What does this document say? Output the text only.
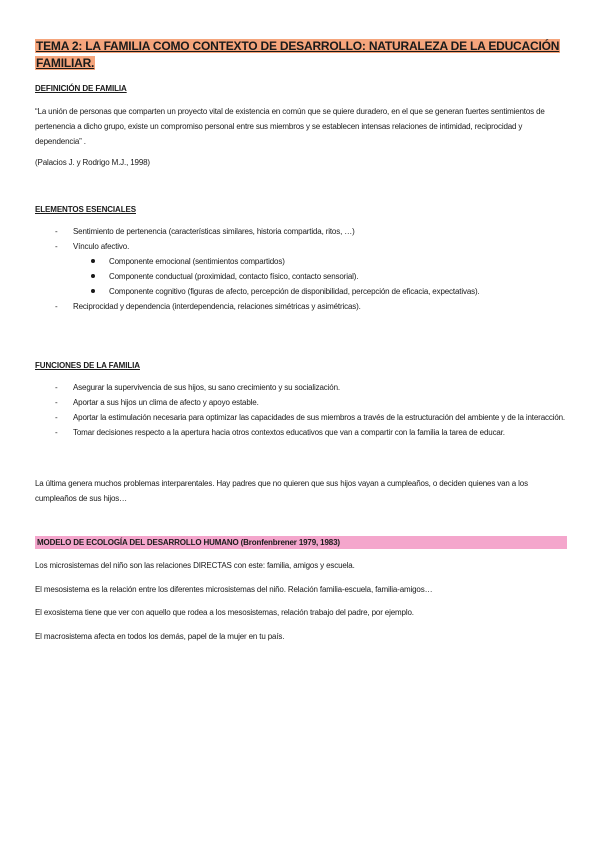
TEMA 2: LA FAMILIA COMO CONTEXTO DE DESARROLLO: NATURALEZA DE LA EDUCACIÓN FAMILIAR.
DEFINICIÓN DE FAMILIA
“La unión de personas que comparten un proyecto vital de existencia en común que se quiere duradero, en el que se generan fuertes sentimientos de pertenencia a dicho grupo, existe un compromiso personal entre sus miembros y se establecen intensas relaciones de intimidad, reciprocidad y dependencia” .
(Palacios J. y Rodrigo M.J., 1998)
ELEMENTOS ESENCIALES
- Sentimiento de pertenencia (características similares, historia compartida, ritos, …)
- Vínculo afectivo.
Componente emocional (sentimientos compartidos)
Componente conductual (proximidad, contacto físico, contacto sensorial).
Componente cognitivo (figuras de afecto, percepción de disponibilidad, percepción de eficacia, expectativas).
- Reciprocidad y dependencia (interdependencia, relaciones simétricas y asimétricas).
FUNCIONES DE LA FAMILIA
- Asegurar la supervivencia de sus hijos, su sano crecimiento y su socialización.
- Aportar a sus hijos un clima de afecto y apoyo estable.
- Aportar la estimulación necesaria para optimizar las capacidades de sus miembros a través de la estructuración del ambiente y de la interacción.
- Tomar decisiones respecto a la apertura hacia otros contextos educativos que van a compartir con la familia la tarea de educar.
La última genera muchos problemas interparentales. Hay padres que no quieren que sus hijos vayan a cumpleaños, o deciden quienes van a los cumpleaños de sus hijos…
MODELO DE ECOLOGÍA DEL DESARROLLO HUMANO (Bronfenbrener 1979, 1983)
Los microsistemas del niño son las relaciones DIRECTAS con este: familia, amigos y escuela.
El mesosistema es la relación entre los diferentes microsistemas del niño. Relación familia-escuela, familia-amigos…
El exosistema tiene que ver con aquello que rodea a los mesosistemas, relación trabajo del padre, por ejemplo.
El macrosistema afecta en todos los demás, papel de la mujer en tu país.
